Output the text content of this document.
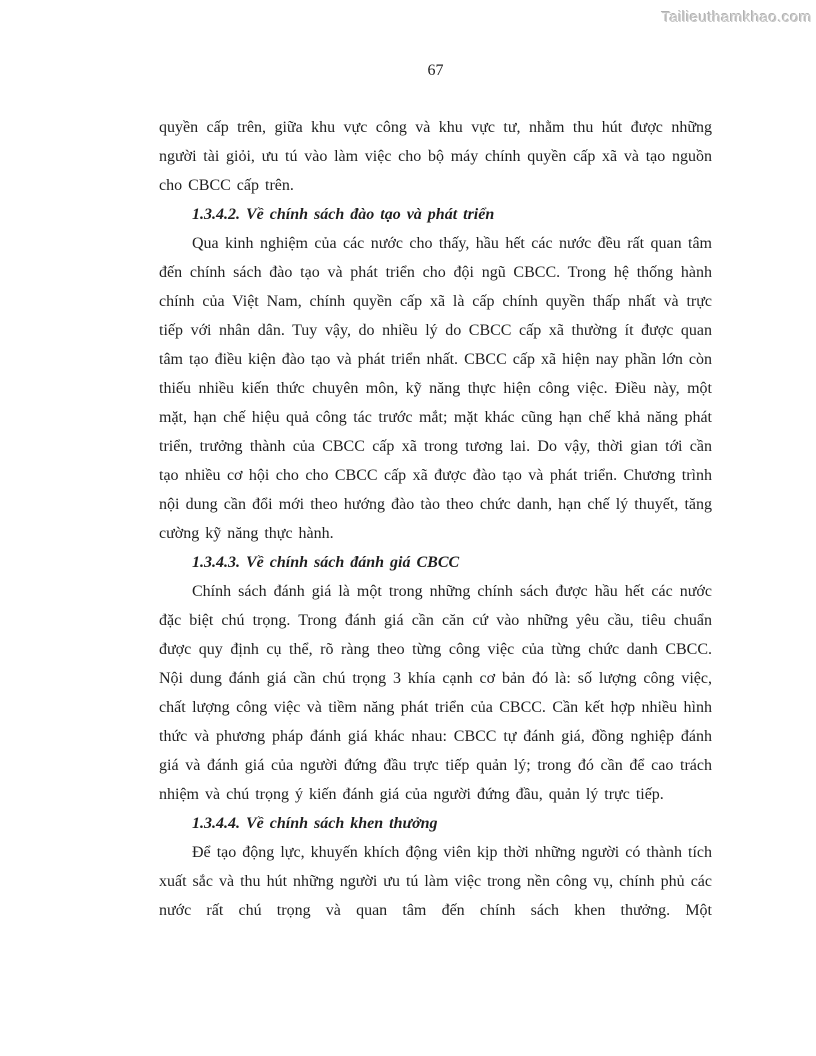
Tailieuthamkhao.com
67

quyền cấp trên, giữa khu vực công và khu vực tư, nhằm thu hút được những người tài giỏi, ưu tú vào làm việc cho bộ máy chính quyền cấp xã và tạo nguồn cho CBCC cấp trên.

1.3.4.2. Về chính sách đào tạo và phát triển

Qua kinh nghiệm của các nước cho thấy, hầu hết các nước đều rất quan tâm đến chính sách đào tạo và phát triển cho đội ngũ CBCC. Trong hệ thống hành chính của Việt Nam, chính quyền cấp xã là cấp chính quyền thấp nhất và trực tiếp với nhân dân. Tuy vậy, do nhiều lý do CBCC cấp xã thường ít được quan tâm tạo điều kiện đào tạo và phát triển nhất. CBCC cấp xã hiện nay phần lớn còn thiếu nhiều kiến thức chuyên môn, kỹ năng thực hiện công việc. Điều này, một mặt, hạn chế hiệu quả công tác trước mắt; mặt khác cũng hạn chế khả năng phát triển, trưởng thành của CBCC cấp xã trong tương lai. Do vậy, thời gian tới cần tạo nhiều cơ hội cho cho CBCC cấp xã được đào tạo và phát triển. Chương trình nội dung cần đổi mới theo hướng đào tào theo chức danh, hạn chế lý thuyết, tăng cường kỹ năng thực hành.

1.3.4.3. Về chính sách đánh giá CBCC

Chính sách đánh giá là một trong những chính sách được hầu hết các nước đặc biệt chú trọng. Trong đánh giá cần căn cứ vào những yêu cầu, tiêu chuẩn được quy định cụ thể, rõ ràng theo từng công việc của từng chức danh CBCC. Nội dung đánh giá cần chú trọng 3 khía cạnh cơ bản đó là: số lượng công việc, chất lượng công việc và tiềm năng phát triển của CBCC. Cần kết hợp nhiều hình thức và phương pháp đánh giá khác nhau: CBCC tự đánh giá, đồng nghiệp đánh giá và đánh giá của người đứng đầu trực tiếp quản lý; trong đó cần để cao trách nhiệm và chú trọng ý kiến đánh giá của người đứng đầu, quản lý trực tiếp.

1.3.4.4. Về chính sách khen thưởng

Để tạo động lực, khuyến khích động viên kịp thời những người có thành tích xuất sắc và thu hút những người ưu tú làm việc trong nền công vụ, chính phủ các nước rất chú trọng và quan tâm đến chính sách khen thưởng. Một
